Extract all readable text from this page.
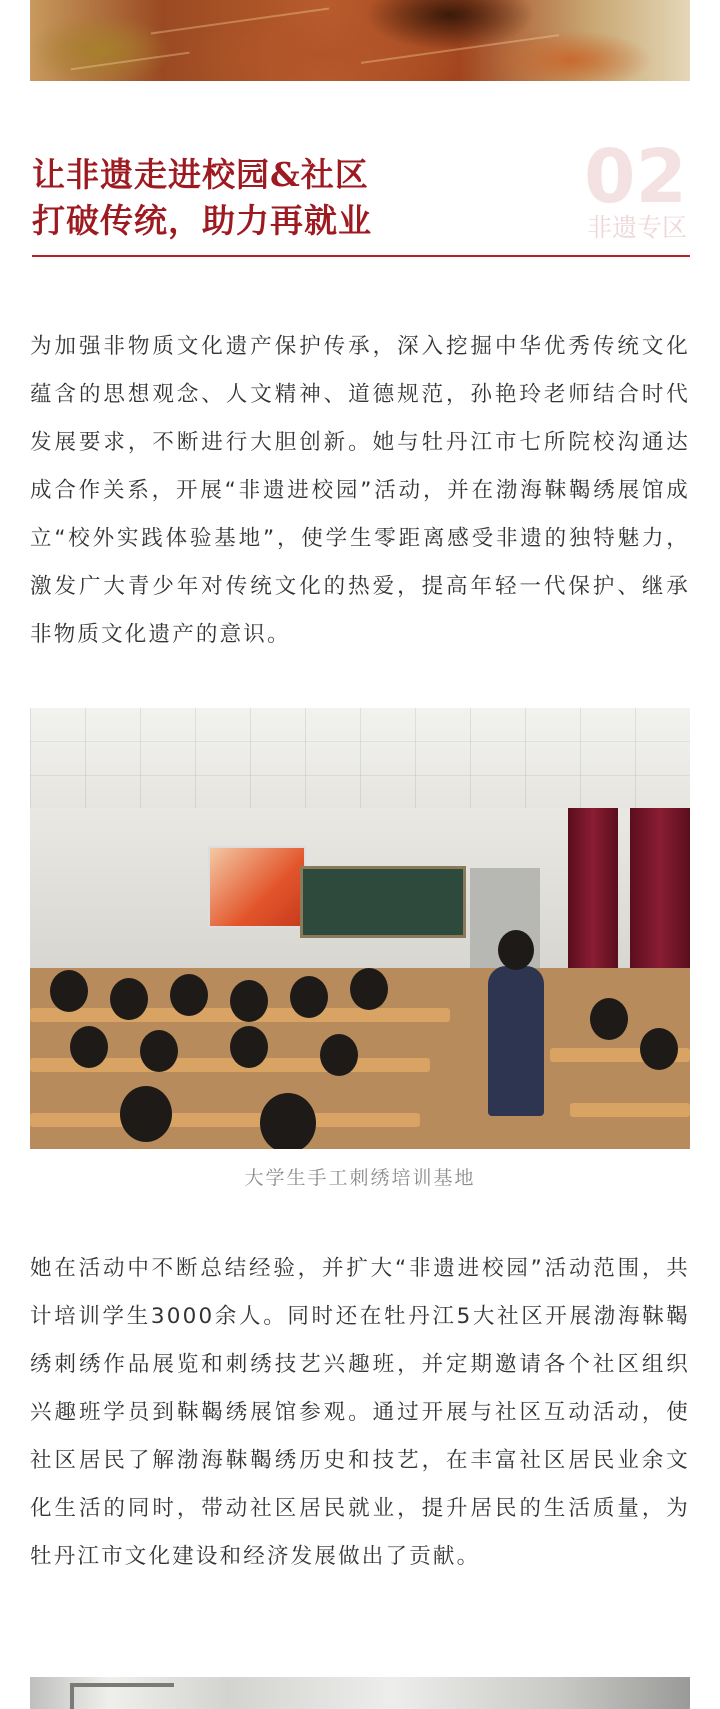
让非遗走进校园&社区
打破传统，助力再就业
02
非遗专区
为加强非物质文化遗产保护传承，深入挖掘中华优秀传统文化蕴含的思想观念、人文精神、道德规范，孙艳玲老师结合时代发展要求，不断进行大胆创新。她与牡丹江市七所院校沟通达成合作关系，开展“非遗进校园”活动，并在渤海靺鞨绣展馆成立“校外实践体验基地”，使学生零距离感受非遗的独特魅力，激发广大青少年对传统文化的热爱，提高年轻一代保护、继承非物质文化遗产的意识。
大学生手工刺绣培训基地
她在活动中不断总结经验，并扩大“非遗进校园”活动范围，共计培训学生3000余人。同时还在牡丹江5大社区开展渤海靺鞨绣刺绣作品展览和刺绣技艺兴趣班，并定期邀请各个社区组织兴趣班学员到靺鞨绣展馆参观。通过开展与社区互动活动，使社区居民了解渤海靺鞨绣历史和技艺，在丰富社区居民业余文化生活的同时，带动社区居民就业，提升居民的生活质量，为牡丹江市文化建设和经济发展做出了贡献。
